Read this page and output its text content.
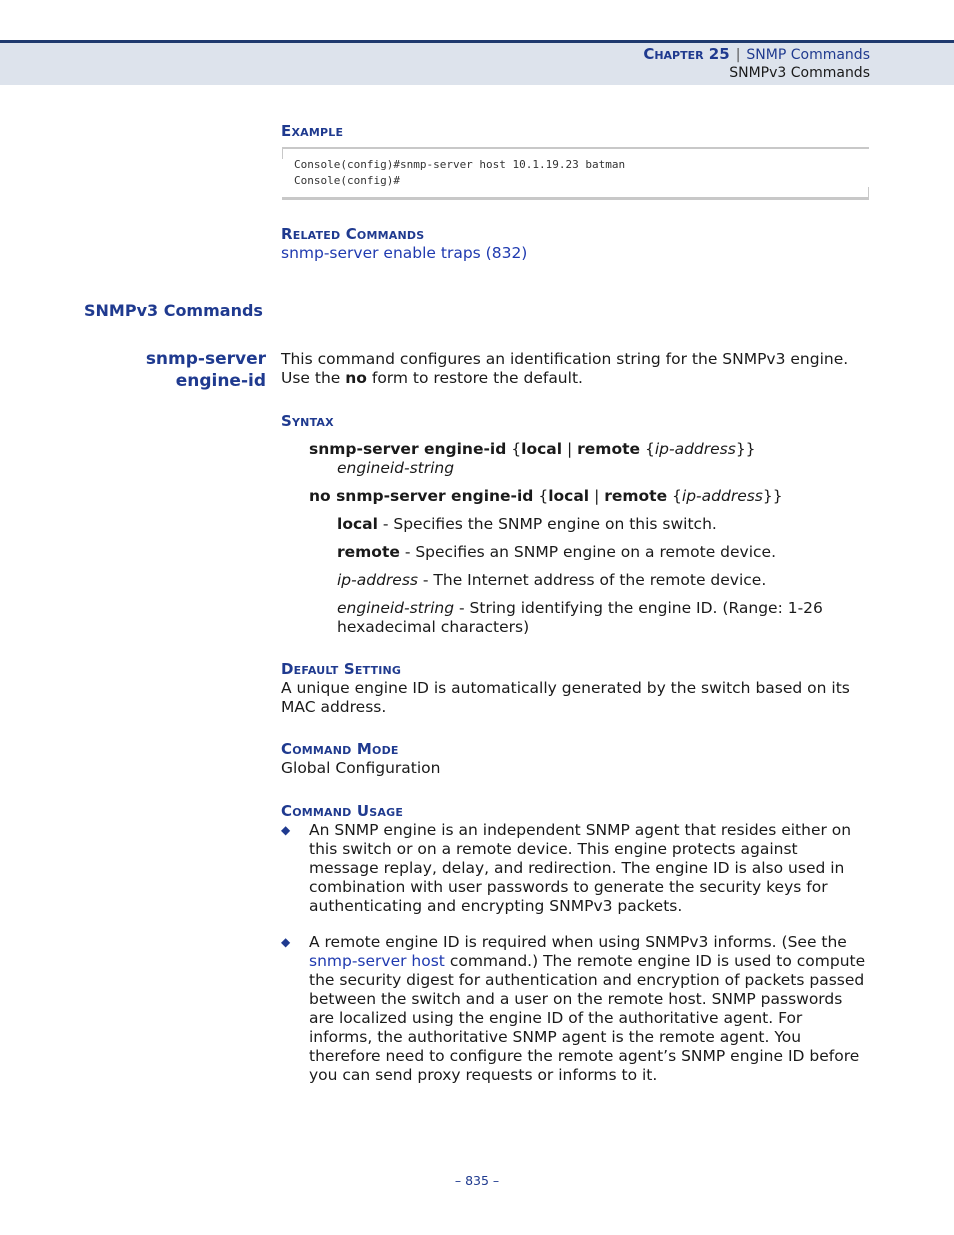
Chapter 25 | SNMP Commands
SNMPv3 Commands
Example
Console(config)#snmp-server host 10.1.19.23 batman
Console(config)#
Related Commands
snmp-server enable traps (832)
SNMPv3 Commands
snmp-server
engine-id

This command configures an identification string for the SNMPv3 engine.

Use the no form to restore the default.

Syntax

snmp-server engine-id {local | remote {ip-address}}

engineid-string

no snmp-server engine-id {local | remote {ip-address}}

local - Specifies the SNMP engine on this switch.

remote - Specifies an SNMP engine on a remote device.

ip-address - The Internet address of the remote device.

engineid-string - String identifying the engine ID. (Range: 1-26

hexadecimal characters)

Default Setting

A unique engine ID is automatically generated by the switch based on its

MAC address.

Command Mode

Global Configuration

Command Usage
◆ An SNMP engine is an independent SNMP agent that resides either on

this switch or on a remote device. This engine protects against

message replay, delay, and redirection. The engine ID is also used in

combination with user passwords to generate the security keys for

authenticating and encrypting SNMPv3 packets.

◆ A remote engine ID is required when using SNMPv3 informs. (See the

snmp-server host command.) The remote engine ID is used to compute

the security digest for authentication and encryption of packets passed

between the switch and a user on the remote host. SNMP passwords

are localized using the engine ID of the authoritative agent. For

informs, the authoritative SNMP agent is the remote agent. You

therefore need to configure the remote agent’s SNMP engine ID before

you can send proxy requests or informs to it.

– 835 –
